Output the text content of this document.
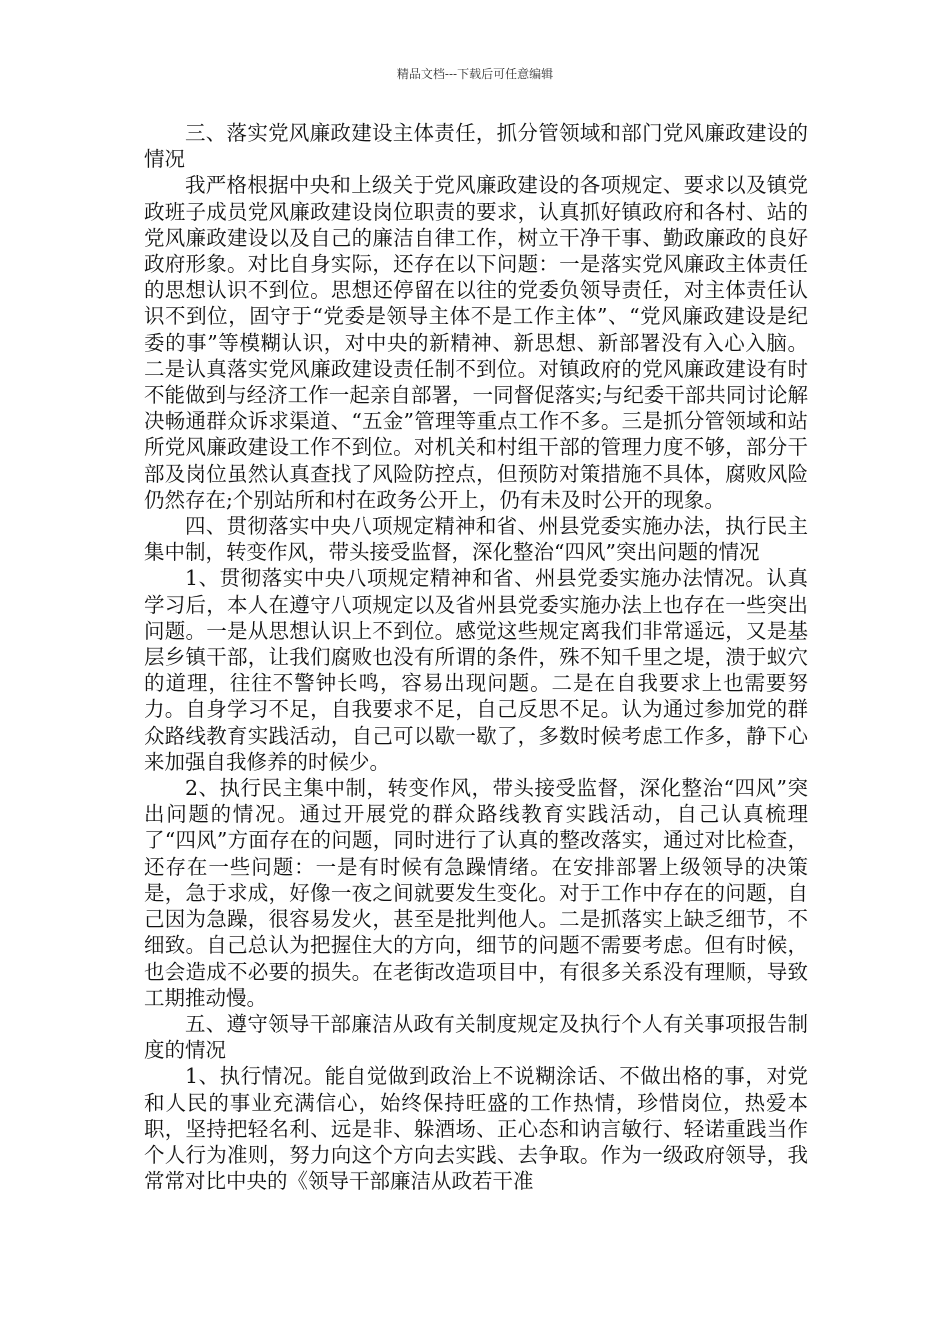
精品文档---下载后可任意编辑

三、落实党风廉政建设主体责任，抓分管领域和部门党风廉政建设的情况

我严格根据中央和上级关于党风廉政建设的各项规定、要求以及镇党政班子成员党风廉政建设岗位职责的要求，认真抓好镇政府和各村、站的党风廉政建设以及自己的廉洁自律工作，树立干净干事、勤政廉政的良好政府形象。对比自身实际，还存在以下问题：一是落实党风廉政主体责任的思想认识不到位。思想还停留在以往的党委负领导责任，对主体责任认识不到位，固守于“党委是领导主体不是工作主体”、“党风廉政建设是纪委的事”等模糊认识，对中央的新精神、新思想、新部署没有入心入脑。二是认真落实党风廉政建设责任制不到位。对镇政府的党风廉政建设有时不能做到与经济工作一起亲自部署，一同督促落实;与纪委干部共同讨论解决畅通群众诉求渠道、“五金”管理等重点工作不多。三是抓分管领域和站所党风廉政建设工作不到位。对机关和村组干部的管理力度不够，部分干部及岗位虽然认真查找了风险防控点，但预防对策措施不具体，腐败风险仍然存在;个别站所和村在政务公开上，仍有未及时公开的现象。

四、贯彻落实中央八项规定精神和省、州县党委实施办法，执行民主集中制，转变作风，带头接受监督，深化整治“四风”突出问题的情况

1、贯彻落实中央八项规定精神和省、州县党委实施办法情况。认真学习后，本人在遵守八项规定以及省州县党委实施办法上也存在一些突出问题。一是从思想认识上不到位。感觉这些规定离我们非常遥远，又是基层乡镇干部，让我们腐败也没有所谓的条件，殊不知千里之堤，溃于蚁穴的道理，往往不警钟长鸣，容易出现问题。二是在自我要求上也需要努力。自身学习不足，自我要求不足，自己反思不足。认为通过参加党的群众路线教育实践活动，自己可以歇一歇了，多数时候考虑工作多，静下心来加强自我修养的时候少。

2、执行民主集中制，转变作风，带头接受监督，深化整治“四风”突出问题的情况。通过开展党的群众路线教育实践活动，自己认真梳理了“四风”方面存在的问题，同时进行了认真的整改落实，通过对比检查，还存在一些问题：一是有时候有急躁情绪。在安排部署上级领导的决策是，急于求成，好像一夜之间就要发生变化。对于工作中存在的问题，自己因为急躁，很容易发火，甚至是批判他人。二是抓落实上缺乏细节，不细致。自己总认为把握住大的方向，细节的问题不需要考虑。但有时候，也会造成不必要的损失。在老街改造项目中，有很多关系没有理顺，导致工期推动慢。

五、遵守领导干部廉洁从政有关制度规定及执行个人有关事项报告制度的情况

1、执行情况。能自觉做到政治上不说糊涂话、不做出格的事，对党和人民的事业充满信心，始终保持旺盛的工作热情，珍惜岗位，热爱本职，坚持把轻名利、远是非、躲酒场、正心态和讷言敏行、轻诺重践当作个人行为准则，努力向这个方向去实践、去争取。作为一级政府领导，我常常对比中央的《领导干部廉洁从政若干准
